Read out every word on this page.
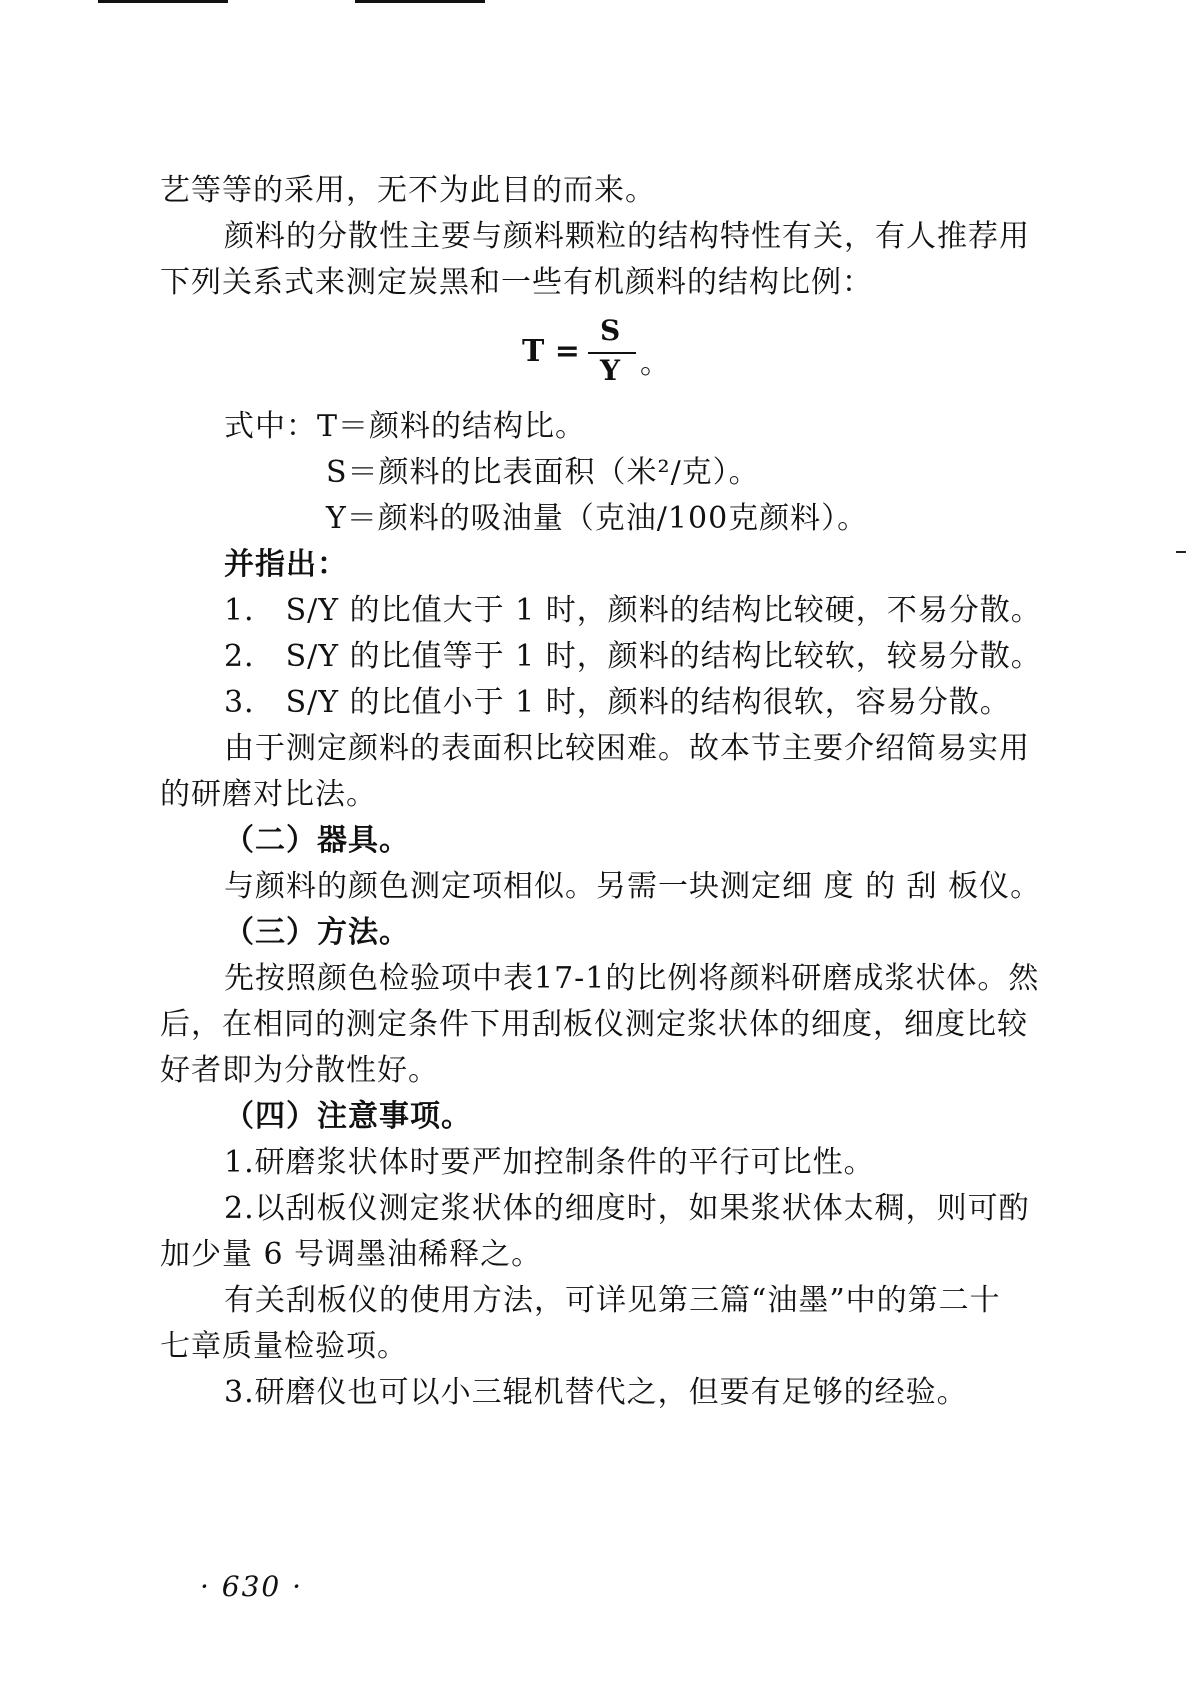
艺等等的采用，无不为此目的而来。
颜料的分散性主要与颜料颗粒的结构特性有关，有人推荐用
下列关系式来测定炭黑和一些有机颜料的结构比例：
T =
S
Y 。
式中：T＝颜料的结构比。
S＝颜料的比表面积（米²/克）。
Y＝颜料的吸油量（克油/100克颜料）。
并指出：
1． S/Y 的比值大于 1 时，颜料的结构比较硬，不易分散。
2． S/Y 的比值等于 1 时，颜料的结构比较软，较易分散。
3． S/Y 的比值小于 1 时，颜料的结构很软，容易分散。
由于测定颜料的表面积比较困难。故本节主要介绍简易实用
的研磨对比法。
（二）器具。
与颜料的颜色测定项相似。另需一块测定细 度 的 刮 板仪。
（三）方法。
先按照颜色检验项中表17-1的比例将颜料研磨成浆状体。然
后，在相同的测定条件下用刮板仪测定浆状体的细度，细度比较
好者即为分散性好。
（四）注意事项。
1.研磨浆状体时要严加控制条件的平行可比性。
2.以刮板仪测定浆状体的细度时，如果浆状体太稠，则可酌
加少量 6 号调墨油稀释之。
有关刮板仪的使用方法，可详见第三篇“油墨”中的第二十
七章质量检验项。
3.研磨仪也可以小三辊机替代之，但要有足够的经验。
· 630 ·
